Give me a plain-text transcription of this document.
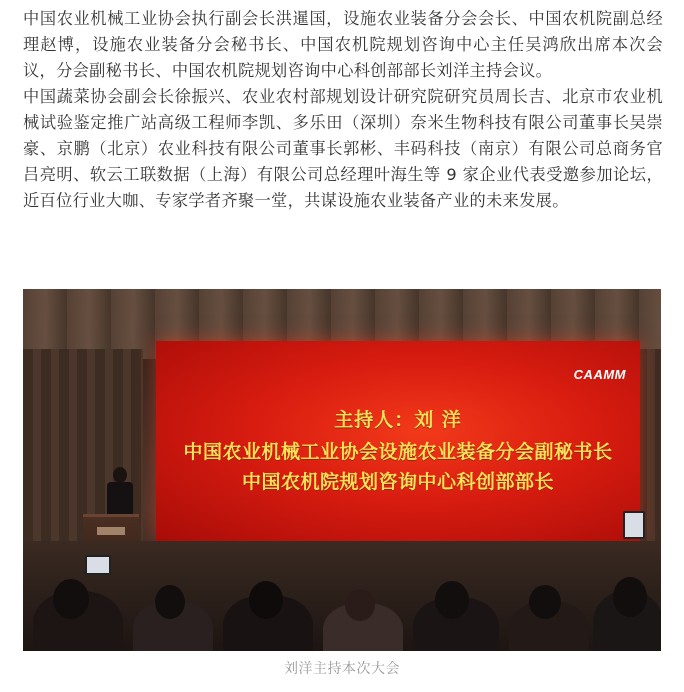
中国农业机械工业协会执行副会长洪暹国，设施农业装备分会会长、中国农机院副总经理赵博，设施农业装备分会秘书长、中国农机院规划咨询中心主任吴鸿欣出席本次会议，分会副秘书长、中国农机院规划咨询中心科创部部长刘洋主持会议。

中国蔬菜协会副会长徐振兴、农业农村部规划设计研究院研究员周长吉、北京市农业机械试验鉴定推广站高级工程师李凯、多乐田（深圳）奈米生物科技有限公司董事长吴崇豪、京鹏（北京）农业科技有限公司董事长郭彬、丰码科技（南京）有限公司总商务官吕亮明、软云工联数据（上海）有限公司总经理叶海生等 9 家企业代表受邀参加论坛，近百位行业大咖、专家学者齐聚一堂，共谋设施农业装备产业的未来发展。

CAAMM
主持人：刘 洋
中国农业机械工业协会设施农业装备分会副秘书长
中国农机院规划咨询中心科创部部长
刘洋主持本次大会
